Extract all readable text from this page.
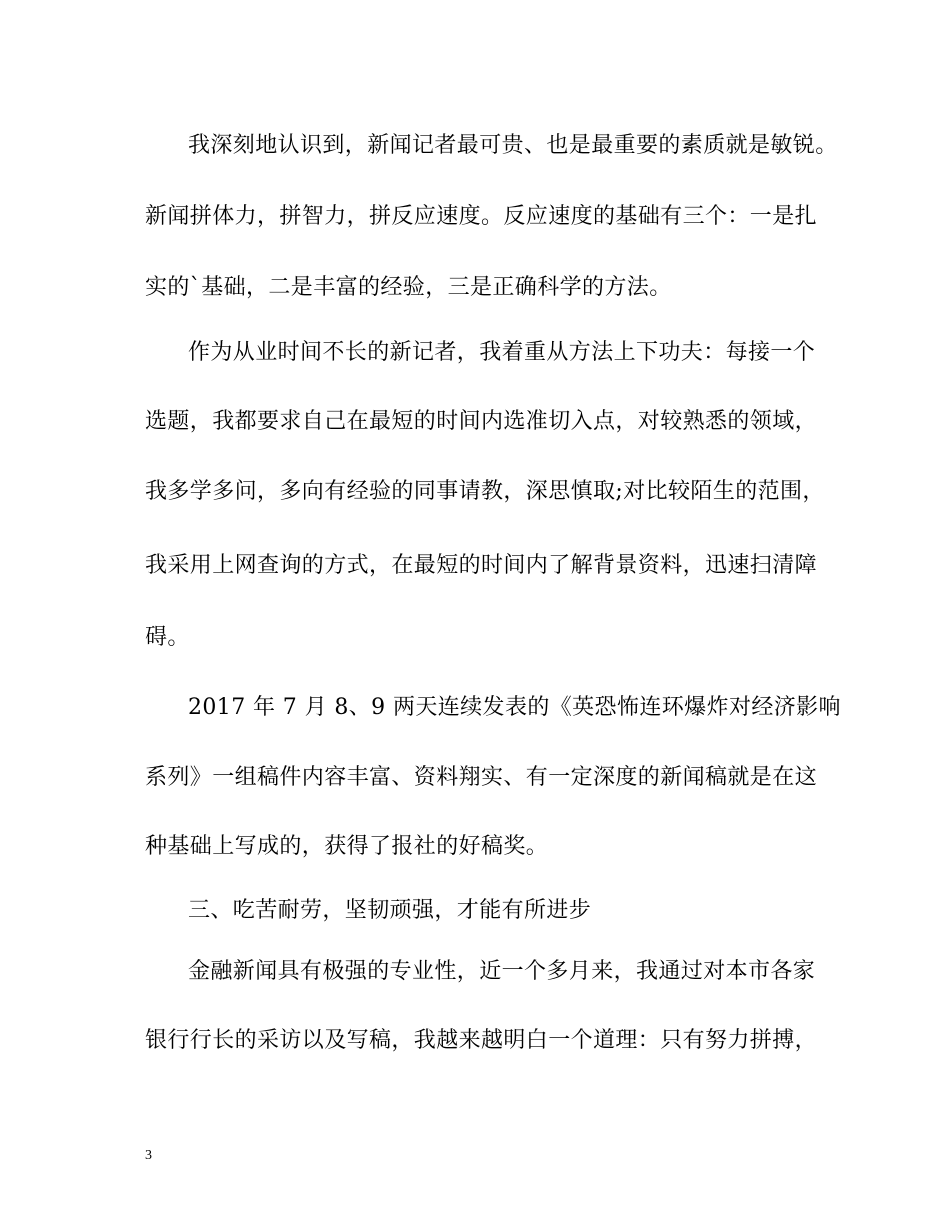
我深刻地认识到，新闻记者最可贵、也是最重要的素质就是敏锐。
新闻拼体力，拼智力，拼反应速度。反应速度的基础有三个：一是扎
实的`基础，二是丰富的经验，三是正确科学的方法。
作为从业时间不长的新记者，我着重从方法上下功夫：每接一个
选题，我都要求自己在最短的时间内选准切入点，对较熟悉的领域，
我多学多问，多向有经验的同事请教，深思慎取;对比较陌生的范围，
我采用上网查询的方式，在最短的时间内了解背景资料，迅速扫清障
碍。
2017 年 7 月 8、9 两天连续发表的《英恐怖连环爆炸对经济影响
系列》一组稿件内容丰富、资料翔实、有一定深度的新闻稿就是在这
种基础上写成的，获得了报社的好稿奖。
三、吃苦耐劳，坚韧顽强，才能有所进步
金融新闻具有极强的专业性，近一个多月来，我通过对本市各家
银行行长的采访以及写稿，我越来越明白一个道理：只有努力拼搏，
3
